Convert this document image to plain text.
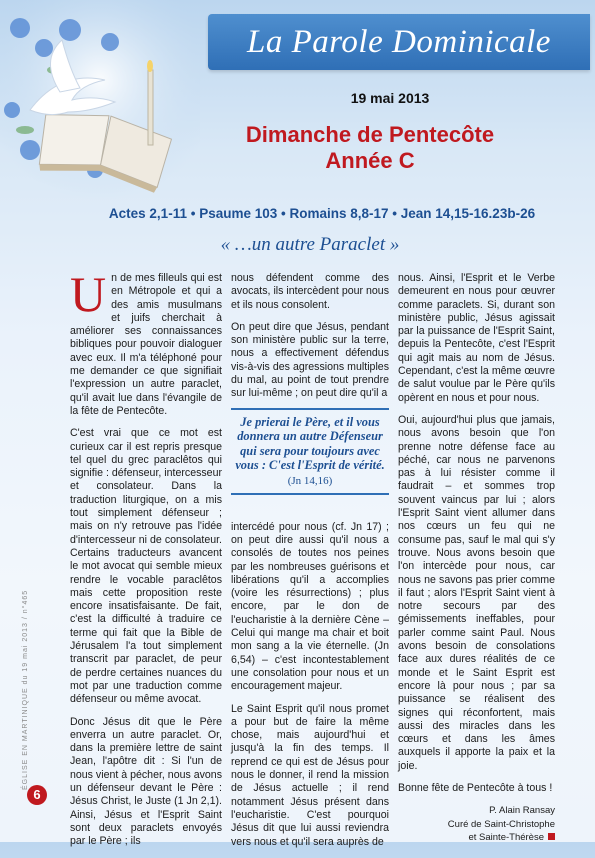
La Parole Dominicale
19 mai 2013
Dimanche de Pentecôte
Année C
Actes 2,1-11 • Psaume 103 • Romains 8,8-17 • Jean 14,15-16.23b-26
« …un autre Paraclet »

Un de mes filleuls qui est en Métropole et qui a des amis musulmans et juifs cherchait à améliorer ses connaissances bibliques pour pouvoir dialoguer avec eux. Il m'a téléphoné pour me demander ce que signifiait l'expression un autre paraclet, qu'il avait lue dans l'évangile de la fête de Pentecôte.

C'est vrai que ce mot est curieux car il est repris presque tel quel du grec paraclêtos qui signifie : défenseur, intercesseur et consolateur. Dans la traduction liturgique, on a mis tout simplement défenseur ; mais on n'y retrouve pas l'idée d'intercesseur ni de consolateur. Certains traducteurs avancent le mot avocat qui semble mieux rendre le vocable paraclêtos mais cette proposition reste encore insatisfaisante. De fait, c'est la difficulté à traduire ce terme qui fait que la Bible de Jérusalem l'a tout simplement transcrit par paraclet, de peur de perdre certaines nuances du mot par une traduction comme défenseur ou même avocat.

Donc Jésus dit que le Père enverra un autre paraclet. Or, dans la première lettre de saint Jean, l'apôtre dit : Si l'un de nous vient à pécher, nous avons un défenseur devant le Père : Jésus Christ, le Juste (1 Jn 2,1). Ainsi, Jésus et l'Esprit Saint sont deux paraclets envoyés par le Père ; ils

nous défendent comme des avocats, ils intercèdent pour nous et ils nous consolent.

On peut dire que Jésus, pendant son ministère public sur la terre, nous a effectivement défendus vis-à-vis des agressions multiples du mal, au point de tout prendre sur lui-même ; on peut dire qu'il a

intercédé pour nous (cf. Jn 17) ; on peut dire aussi qu'il nous a consolés de toutes nos peines par les nombreuses guérisons et libérations qu'il a accomplies (voire les résurrections) ; plus encore, par le don de l'eucharistie à la dernière Cène – Celui qui mange ma chair et boit mon sang a la vie éternelle. (Jn 6,54) – c'est incontestablement une consolation pour nous et un encouragement majeur.

Le Saint Esprit qu'il nous promet a pour but de faire la même chose, mais aujourd'hui et jusqu'à la fin des temps. Il reprend ce qui est de Jésus pour nous le donner, il rend la mission de Jésus actuelle ; il rend notamment Jésus présent dans l'eucharistie. C'est pourquoi Jésus dit que lui aussi reviendra vers nous et qu'il sera auprès de

Je prierai le Père, et il vous donnera un autre Défenseur qui sera pour toujours avec vous : C'est l'Esprit de vérité.
(Jn 14,16)

nous. Ainsi, l'Esprit et le Verbe demeurent en nous pour œuvrer comme paraclets. Si, durant son ministère public, Jésus agissait par la puissance de l'Esprit Saint, depuis la Pentecôte, c'est l'Esprit qui agit mais au nom de Jésus. Cependant, c'est la même œuvre de salut voulue par le Père qu'ils opèrent en nous et pour nous.

Oui, aujourd'hui plus que jamais, nous avons besoin que l'on prenne notre défense face au péché, car nous ne parvenons pas à lui résister comme il faudrait – et sommes trop souvent vaincus par lui ; alors l'Esprit Saint vient allumer dans nos cœurs un feu qui ne consume pas, sauf le mal qui s'y trouve. Nous avons besoin que l'on intercède pour nous, car nous ne savons pas prier comme il faut ; alors l'Esprit Saint vient à notre secours par des gémissements ineffables, pour parler comme saint Paul. Nous avons besoin de consolations face aux dures réalités de ce monde et le Saint Esprit est encore là pour nous ; par sa puissance se réalisent des signes qui réconfortent, mais aussi des miracles dans les cœurs et dans les âmes auxquels il apporte la paix et la joie.

Bonne fête de Pentecôte à tous !

P. Alain Ransay
Curé de Saint-Christophe
et Sainte-Thérèse
ÉGLISE EN MARTINIQUE du 19 mai 2013 / n°465
6
